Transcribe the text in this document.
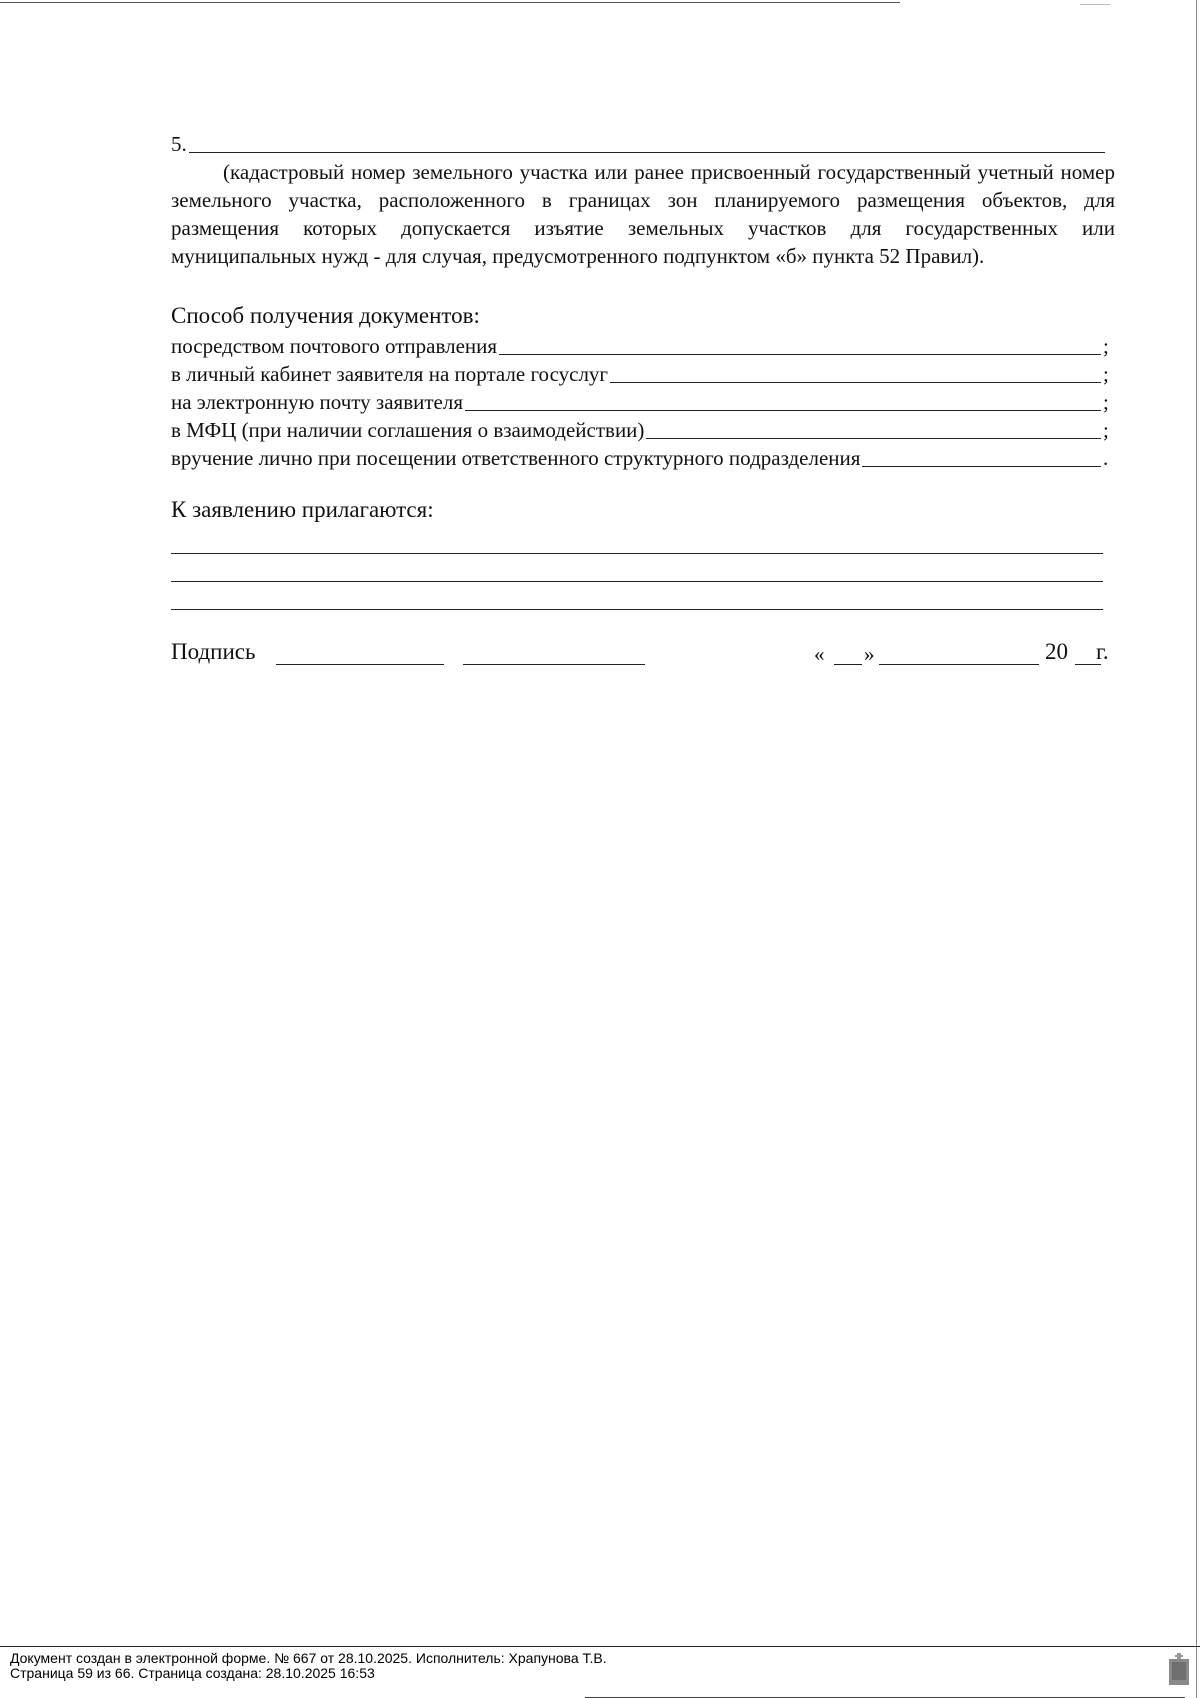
5.

(кадастровый номер земельного участка или ранее присвоенный государственный учетный номер земельного участка, расположенного в границах зон планируемого размещения объектов, для размещения которых допускается изъятие земельных участков для государственных или муниципальных нужд - для случая, предусмотренного подпунктом «б» пункта 52 Правил).

Способ получения документов:
посредством почтового отправления	;
в личный кабинет заявителя на портале госуслуг	;
на электронную почту заявителя	;
в МФЦ (при наличии соглашения о взаимодействии)	;
вручение лично при посещении ответственного структурного подразделения	.
К заявлению прилагаются:
Подпись	« »	20 г.
Документ создан в электронной форме. № 667 от 28.10.2025. Исполнитель: Храпунова Т.В.
Страница 59 из 66. Страница создана: 28.10.2025 16:53
